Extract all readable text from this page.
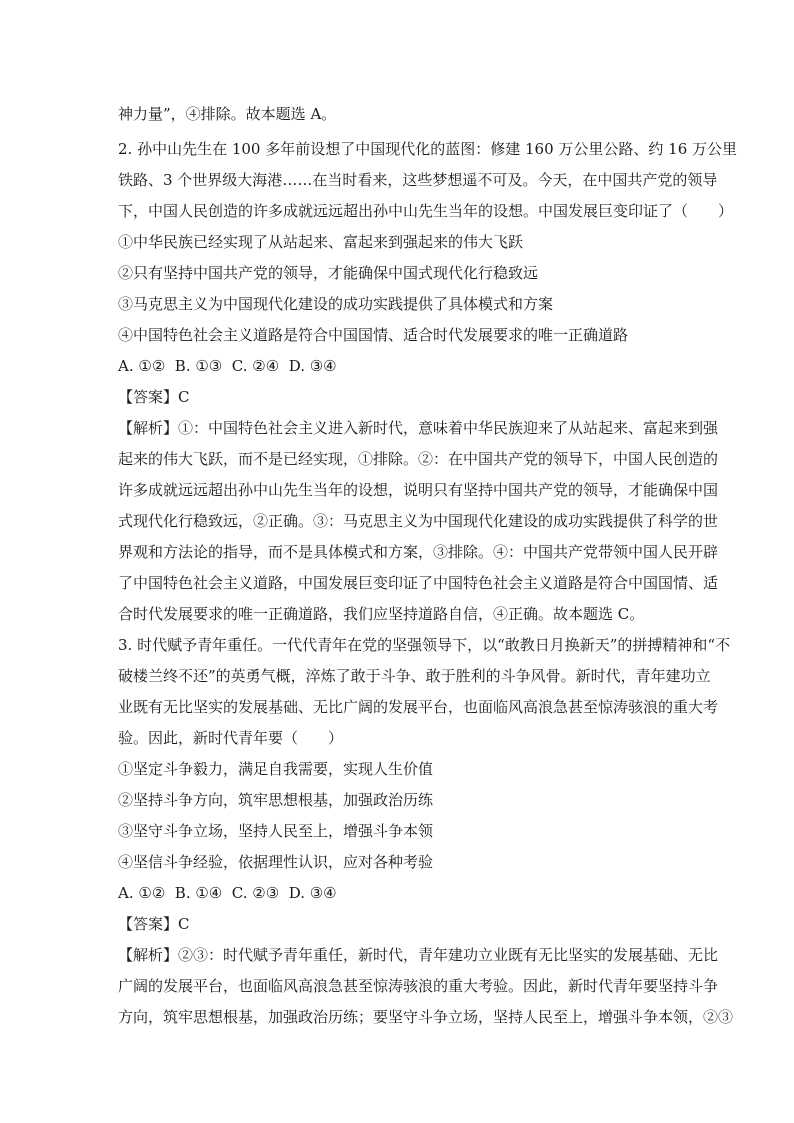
神力量”，④排除。故本题选 A。
2. 孙中山先生在 100 多年前设想了中国现代化的蓝图：修建 160 万公里公路、约 16 万公里
铁路、3 个世界级大海港……在当时看来，这些梦想遥不可及。今天，在中国共产党的领导
下，中国人民创造的许多成就远远超出孙中山先生当年的设想。中国发展巨变印证了（　　）
①中华民族已经实现了从站起来、富起来到强起来的伟大飞跃
②只有坚持中国共产党的领导，才能确保中国式现代化行稳致远
③马克思主义为中国现代化建设的成功实践提供了具体模式和方案
④中国特色社会主义道路是符合中国国情、适合时代发展要求的唯一正确道路
A. ①②  B. ①③  C. ②④  D. ③④
【答案】C
【解析】①：中国特色社会主义进入新时代，意味着中华民族迎来了从站起来、富起来到强
起来的伟大飞跃，而不是已经实现，①排除。②：在中国共产党的领导下，中国人民创造的
许多成就远远超出孙中山先生当年的设想，说明只有坚持中国共产党的领导，才能确保中国
式现代化行稳致远，②正确。③：马克思主义为中国现代化建设的成功实践提供了科学的世
界观和方法论的指导，而不是具体模式和方案，③排除。④：中国共产党带领中国人民开辟
了中国特色社会主义道路，中国发展巨变印证了中国特色社会主义道路是符合中国国情、适
合时代发展要求的唯一正确道路，我们应坚持道路自信，④正确。故本题选 C。
3. 时代赋予青年重任。一代代青年在党的坚强领导下，以“敢教日月换新天”的拼搏精神和“不
破楼兰终不还”的英勇气概，淬炼了敢于斗争、敢于胜利的斗争风骨。新时代，青年建功立
业既有无比坚实的发展基础、无比广阔的发展平台，也面临风高浪急甚至惊涛骇浪的重大考
验。因此，新时代青年要（　　）
①坚定斗争毅力，满足自我需要，实现人生价值
②坚持斗争方向，筑牢思想根基，加强政治历练
③坚守斗争立场，坚持人民至上，增强斗争本领
④坚信斗争经验，依据理性认识，应对各种考验
A. ①②  B. ①④  C. ②③  D. ③④
【答案】C
【解析】②③：时代赋予青年重任，新时代，青年建功立业既有无比坚实的发展基础、无比
广阔的发展平台，也面临风高浪急甚至惊涛骇浪的重大考验。因此，新时代青年要坚持斗争
方向，筑牢思想根基，加强政治历练；要坚守斗争立场，坚持人民至上，增强斗争本领，②③
